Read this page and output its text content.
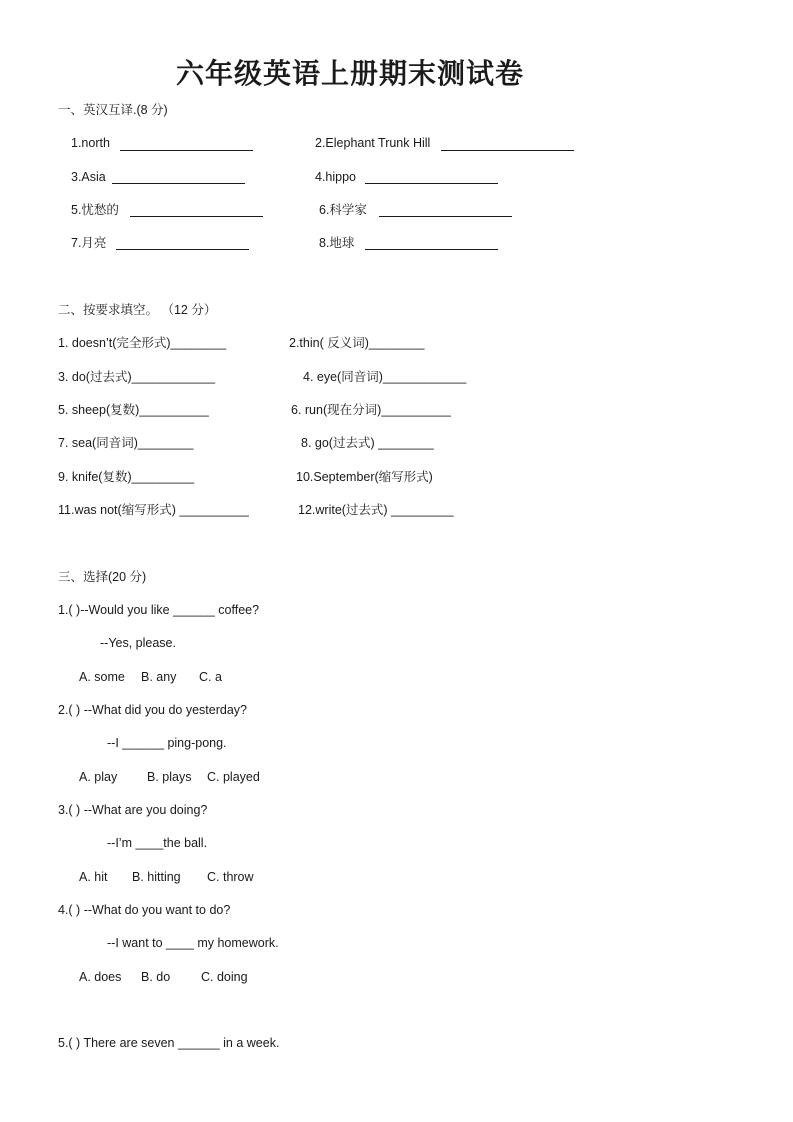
六年级英语上册期末测试卷
一、英汉互译.(8 分)
1.north	2.Elephant Trunk Hill
3.Asia	4.hippo
5.忧愁的	6.科学家
7.月亮	8.地球
二、按要求填空。 （12 分）
1. doesn’t(完全形式)________	2.thin( 反义词)________
3. do(过去式)____________	4. eye(同音词)____________
5. sheep(复数)__________	6. run(现在分词)__________
7. sea(同音词)________	8. go(过去式) ________
9. knife(复数)_________	10.September(缩写形式)
11.was not(缩写形式) __________	12.write(过去式) _________
三、选择(20 分)
1.( )--Would you like ______ coffee?
--Yes, please.
A. some B. any C. a
2.( ) --What did you do yesterday?
--I ______ ping-pong.
A. play B. plays C. played
3.( ) --What are you doing?
--I’m ____the ball.
A. hit B. hitting C. throw
4.( ) --What do you want to do?
--I want to ____ my homework.
A. does B. do C. doing
5.( ) There are seven ______ in a week.
